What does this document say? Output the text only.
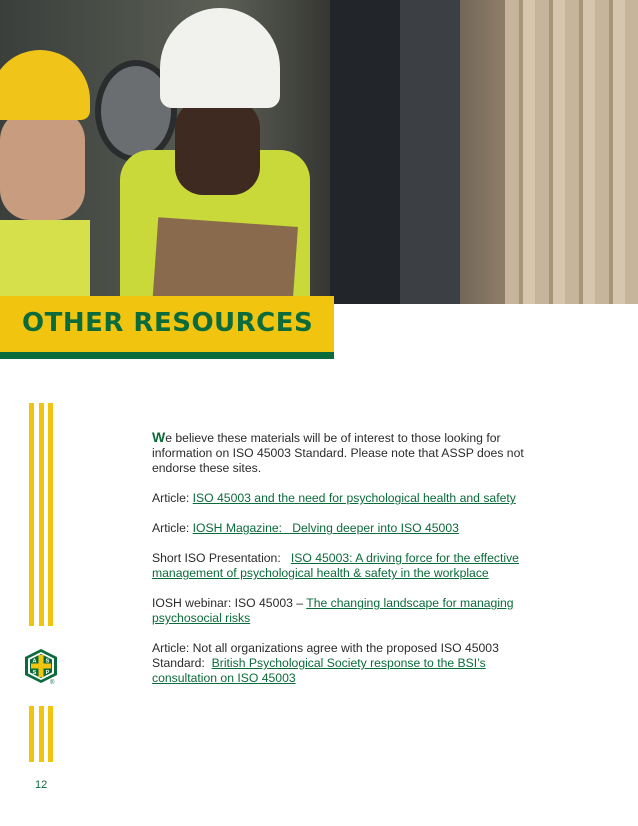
OTHER RESOURCES
A S
S P
®

We believe these materials will be of interest to those looking for information on ISO 45003 Standard. Please note that ASSP does not endorse these sites.

Article: ISO 45003 and the need for psychological health and safety

Article: IOSH Magazine:   Delving deeper into ISO 45003

Short ISO Presentation:   ISO 45003: A driving force for the effective management of psychological health & safety in the workplace

IOSH webinar: ISO 45003 – The changing landscape for managing psychosocial risks

Article: Not all organizations agree with the proposed ISO 45003 Standard:  British Psychological Society response to the BSI’s consultation on ISO 45003

12
